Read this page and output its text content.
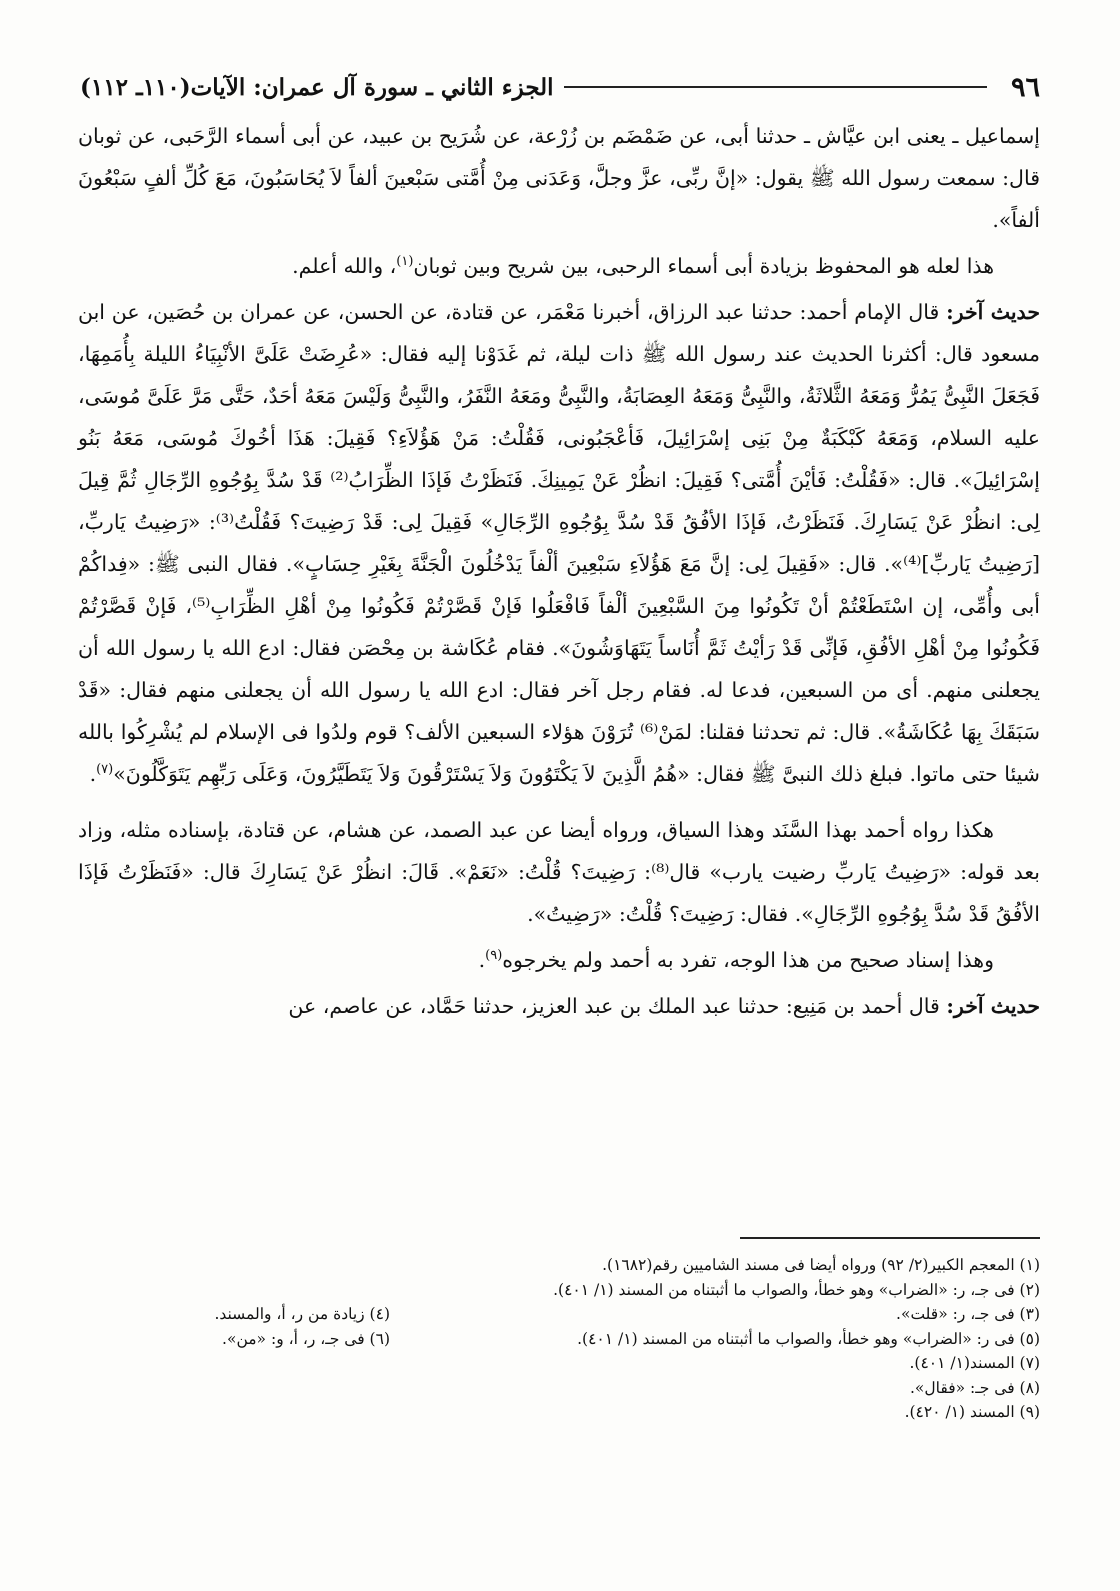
٩٦
الجزء الثاني ـ سورة آل عمران: الآيات(١١٠ـ ١١٢)

إسماعيل ـ يعنى ابن عيَّاش ـ حدثنا أبى، عن ضَمْضَم بن زُرْعة، عن شُرَيح بن عبيد، عن أبى أسماء الرَّحَبى، عن ثوبان قال: سمعت رسول الله ﷺ يقول: «إنَّ ربِّى، عزَّ وجلَّ، وَعَدَنى مِنْ أُمَّتى سَبْعينَ ألفاً لاَ يُحَاسَبُونَ، مَعَ كُلِّ ألفٍ سَبْعُونَ ألفاً».

هذا لعله هو المحفوظ بزيادة أبى أسماء الرحبى، بين شريح وبين ثوبان$^{(١)}$، والله أعلم.

حديث آخر: قال الإمام أحمد: حدثنا عبد الرزاق، أخبرنا مَعْمَر، عن قتادة، عن الحسن، عن عمران بن حُصَين، عن ابن مسعود قال: أكثرنا الحديث عند رسول الله ﷺ ذات ليلة، ثم غَدَوْنا إليه فقال: «عُرِضَتْ عَلَىَّ الأنْبِيَاءُ الليلة بِأُمَمِهَا، فَجَعَلَ النَّبِىُّ يَمُرُّ وَمَعَهُ الثَّلاثَةُ، والنَّبِىُّ وَمَعَهُ العِصَابَةُ، والنَّبِىُّ ومَعَهُ النَّفَرُ، والنَّبِىُّ وَلَيْسَ مَعَهُ أحَدٌ، حَتَّى مَرَّ عَلَىَّ مُوسَى، عليه السلام، وَمَعَهُ كَبْكَبَةٌ مِنْ بَنِى إسْرَائِيلَ، فَأعْجَبُونى، فَقُلْتُ: مَنْ هَؤُلاَءِ؟ فَقِيلَ: هَذَا أخُوكَ مُوسَى، مَعَهُ بَنُو إسْرَائِيلَ». قال: «فَقُلْتُ: فَأيْنَ أُمَّتى؟ فَقِيلَ: انظُرْ عَنْ يَمِينِكَ. فَنَظَرْتُ فَإذَا الظِّرَابُ⁽²⁾ قَدْ سُدَّ بِوُجُوهِ الرِّجَالِ ثُمَّ قِيلَ لِى: انظُرْ عَنْ يَسَارِكَ. فَنَظَرْتُ، فَإذَا الأفُقُ قَدْ سُدَّ بِوُجُوهِ الرِّجَالِ» فَقِيلَ لِى: قَدْ رَضِيتَ؟ فَقُلْتُ⁽³⁾: «رَضِيتُ يَاربِّ، [رَضِيتُ يَاربِّ]⁽⁴⁾». قال: «فَقِيلَ لِى: إنَّ مَعَ هَؤُلاَءِ سَبْعِينَ ألْفاً يَدْخُلُونَ الْجَنَّةَ بِغَيْرِ حِسَابٍ». فقال النبى ﷺ: «فِداكُمْ أبى وأُمِّى، إن اسْتَطَعْتُمْ أنْ تَكُونُوا مِنَ السَّبْعِينَ ألْفاً فَافْعَلُوا فَإنْ قَصَّرْتُمْ فَكُونُوا مِنْ أهْلِ الظِّرَابِ⁽⁵⁾، فَإنْ قَصَّرْتُمْ فَكُونُوا مِنْ أهْلِ الأفُقِ، فَإنِّى قَدْ رَأيْتُ ثَمَّ أُنَاساً يَتَهَاوَشُونَ». فقام عُكَاشة بن مِحْصَن فقال: ادع الله يا رسول الله أن يجعلنى منهم. أى من السبعين، فدعا له. فقام رجل آخر فقال: ادع الله يا رسول الله أن يجعلنى منهم فقال: «قَدْ سَبَقَكَ بِهَا عُكَاشَةُ». قال: ثم تحدثنا فقلنا: لمَنْ⁽⁶⁾ تُرَوْنَ هؤلاء السبعين الألف؟ قوم ولدُوا فى الإسلام لم يُشْرِكُوا بالله شيئا حتى ماتوا. فبلغ ذلك النبىَّ ﷺ فقال: «هُمُ الَّذِينَ لاَ يَكْتَوُونَ وَلاَ يَسْتَرْقُونَ وَلاَ يَتَطَيَّرُونَ، وَعَلَى رَبِّهِم يَتَوَكَّلُونَ»$^{(٧)}$.

هكذا رواه أحمد بهذا السَّنَد وهذا السياق، ورواه أيضا عن عبد الصمد، عن هشام، عن قتادة، بإسناده مثله، وزاد بعد قوله: «رَضِيتُ يَاربِّ رضيت يارب» قال⁽⁸⁾: رَضِيتَ؟ قُلْتُ: «نَعَمْ». قَالَ: انظُرْ عَنْ يَسَارِكَ قال: «فَنَظَرْتُ فَإذَا الأفُقُ قَدْ سُدَّ بِوُجُوهِ الرِّجَالِ». فقال: رَضِيتَ؟ قُلْتُ: «رَضِيتُ».

وهذا إسناد صحيح من هذا الوجه، تفرد به أحمد ولم يخرجوه$^{(٩)}$.

حديث آخر: قال أحمد بن مَنِيع: حدثنا عبد الملك بن عبد العزيز، حدثنا حَمَّاد، عن عاصم، عن

(١) المعجم الكبير(٢/ ٩٢) ورواه أيضا فى مسند الشاميين رقم(١٦٨٢).
(٢) فى جـ، ر: «الضراب» وهو خطأ، والصواب ما أثبتناه من المسند (١/ ٤٠١).
(٣) فى جـ، ر: «قلت».
(٤) زيادة من ر، أ، والمسند.
(٥) فى ر: «الضراب» وهو خطأ، والصواب ما أثبتناه من المسند (١/ ٤٠١).
(٦) فى جـ، ر، أ، و: «من».
(٧) المسند(١/ ٤٠١).
(٨) فى جـ: «فقال».
(٩) المسند (١/ ٤٢٠).
